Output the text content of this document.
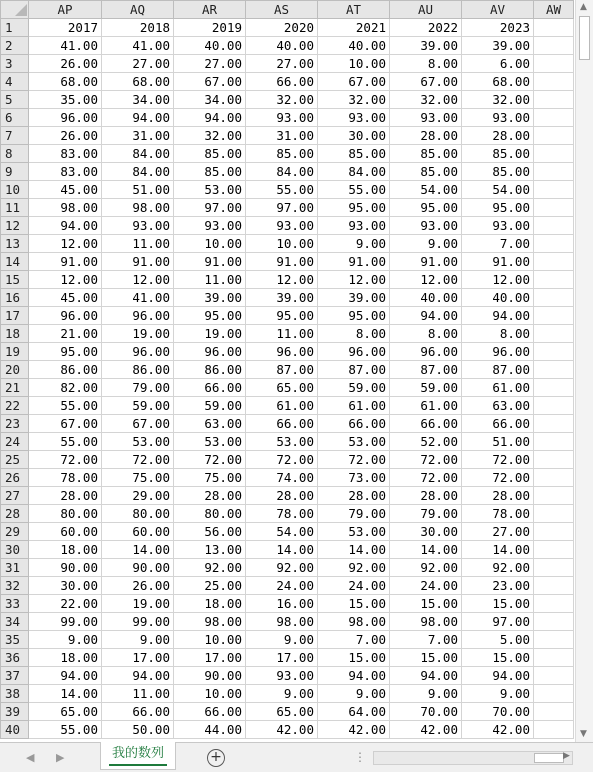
	AP	AQ	AR	AS	AT	AU	AV	AW
1	2017	2018	2019	2020	2021	2022	2023	
2	41.00	41.00	40.00	40.00	40.00	39.00	39.00	
3	26.00	27.00	27.00	27.00	10.00	8.00	6.00	
4	68.00	68.00	67.00	66.00	67.00	67.00	68.00	
5	35.00	34.00	34.00	32.00	32.00	32.00	32.00	
6	96.00	94.00	94.00	93.00	93.00	93.00	93.00	
7	26.00	31.00	32.00	31.00	30.00	28.00	28.00	
8	83.00	84.00	85.00	85.00	85.00	85.00	85.00	
9	83.00	84.00	85.00	84.00	84.00	85.00	85.00	
10	45.00	51.00	53.00	55.00	55.00	54.00	54.00	
11	98.00	98.00	97.00	97.00	95.00	95.00	95.00	
12	94.00	93.00	93.00	93.00	93.00	93.00	93.00	
13	12.00	11.00	10.00	10.00	9.00	9.00	7.00	
14	91.00	91.00	91.00	91.00	91.00	91.00	91.00	
15	12.00	12.00	11.00	12.00	12.00	12.00	12.00	
16	45.00	41.00	39.00	39.00	39.00	40.00	40.00	
17	96.00	96.00	95.00	95.00	95.00	94.00	94.00	
18	21.00	19.00	19.00	11.00	8.00	8.00	8.00	
19	95.00	96.00	96.00	96.00	96.00	96.00	96.00	
20	86.00	86.00	86.00	87.00	87.00	87.00	87.00	
21	82.00	79.00	66.00	65.00	59.00	59.00	61.00	
22	55.00	59.00	59.00	61.00	61.00	61.00	63.00	
23	67.00	67.00	63.00	66.00	66.00	66.00	66.00	
24	55.00	53.00	53.00	53.00	53.00	52.00	51.00	
25	72.00	72.00	72.00	72.00	72.00	72.00	72.00	
26	78.00	75.00	75.00	74.00	73.00	72.00	72.00	
27	28.00	29.00	28.00	28.00	28.00	28.00	28.00	
28	80.00	80.00	80.00	78.00	79.00	79.00	78.00	
29	60.00	60.00	56.00	54.00	53.00	30.00	27.00	
30	18.00	14.00	13.00	14.00	14.00	14.00	14.00	
31	90.00	90.00	92.00	92.00	92.00	92.00	92.00	
32	30.00	26.00	25.00	24.00	24.00	24.00	23.00	
33	22.00	19.00	18.00	16.00	15.00	15.00	15.00	
34	99.00	99.00	98.00	98.00	98.00	98.00	97.00	
35	9.00	9.00	10.00	9.00	7.00	7.00	5.00	
36	18.00	17.00	17.00	17.00	15.00	15.00	15.00	
37	94.00	94.00	90.00	93.00	94.00	94.00	94.00	
38	14.00	11.00	10.00	9.00	9.00	9.00	9.00	
39	65.00	66.00	66.00	65.00	64.00	70.00	70.00	
40	55.00	50.00	44.00	42.00	42.00	42.00	42.00	
▲
▼
◀ ▶	我的数列	+	⋮	▶
